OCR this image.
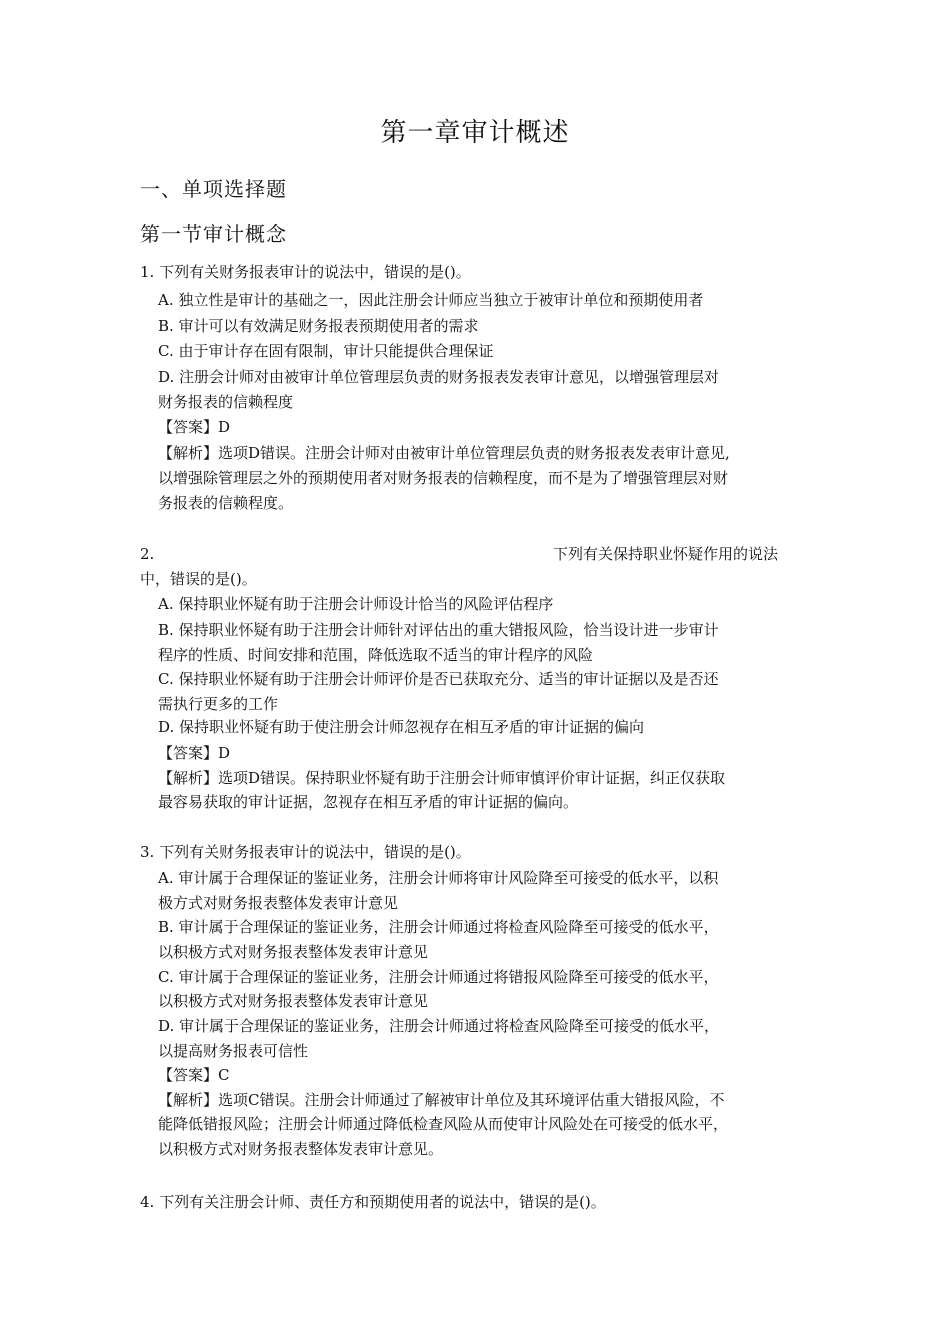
第一章审计概述
一、单项选择题
第一节审计概念
1. 下列有关财务报表审计的说法中，错误的是()。
A. 独立性是审计的基础之一，因此注册会计师应当独立于被审计单位和预期使用者
B. 审计可以有效满足财务报表预期使用者的需求
C. 由于审计存在固有限制，审计只能提供合理保证
D. 注册会计师对由被审计单位管理层负责的财务报表发表审计意见，以增强管理层对
财务报表的信赖程度
【答案】D
【解析】选项D错误。注册会计师对由被审计单位管理层负责的财务报表发表审计意见,
以增强除管理层之外的预期使用者对财务报表的信赖程度，而不是为了增强管理层对财
务报表的信赖程度。
2.	下列有关保持职业怀疑作用的说法
中，错误的是()。
A. 保持职业怀疑有助于注册会计师设计恰当的风险评估程序
B. 保持职业怀疑有助于注册会计师针对评估出的重大错报风险，恰当设计进一步审计
程序的性质、时间安排和范围，降低选取不适当的审计程序的风险
C. 保持职业怀疑有助于注册会计师评价是否已获取充分、适当的审计证据以及是否还
需执行更多的工作
D. 保持职业怀疑有助于使注册会计师忽视存在相互矛盾的审计证据的偏向
【答案】D
【解析】选项D错误。保持职业怀疑有助于注册会计师审慎评价审计证据，纠正仅获取
最容易获取的审计证据，忽视存在相互矛盾的审计证据的偏向。
3. 下列有关财务报表审计的说法中，错误的是()。
A. 审计属于合理保证的鉴证业务，注册会计师将审计风险降至可接受的低水平，以积
极方式对财务报表整体发表审计意见
B. 审计属于合理保证的鉴证业务，注册会计师通过将检查风险降至可接受的低水平，
以积极方式对财务报表整体发表审计意见
C. 审计属于合理保证的鉴证业务，注册会计师通过将错报风险降至可接受的低水平，
以积极方式对财务报表整体发表审计意见
D. 审计属于合理保证的鉴证业务，注册会计师通过将检查风险降至可接受的低水平，
以提高财务报表可信性
【答案】C
【解析】选项C错误。注册会计师通过了解被审计单位及其环境评估重大错报风险，不
能降低错报风险；注册会计师通过降低检查风险从而使审计风险处在可接受的低水平，
以积极方式对财务报表整体发表审计意见。
4. 下列有关注册会计师、责任方和预期使用者的说法中，错误的是()。
